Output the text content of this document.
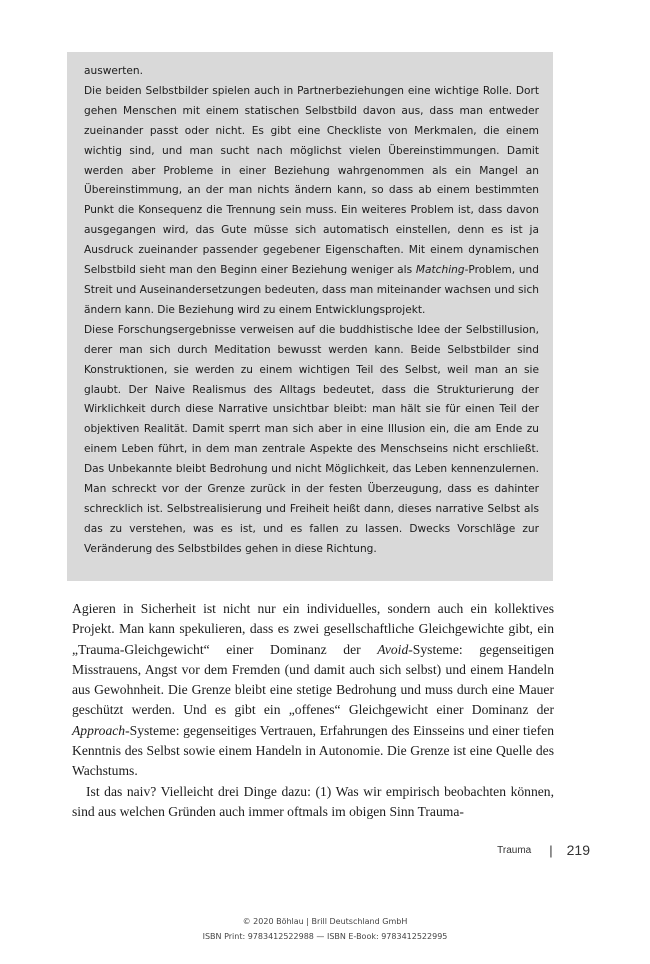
auswerten.

Die beiden Selbstbilder spielen auch in Partnerbeziehungen eine wichtige Rolle. Dort gehen Menschen mit einem statischen Selbstbild davon aus, dass man entweder zueinander passt oder nicht. Es gibt eine Checkliste von Merkmalen, die einem wichtig sind, und man sucht nach möglichst vielen Übereinstimmungen. Damit werden aber Probleme in einer Beziehung wahrgenommen als ein Mangel an Übereinstimmung, an der man nichts ändern kann, so dass ab einem bestimmten Punkt die Konsequenz die Trennung sein muss. Ein weiteres Problem ist, dass davon ausgegangen wird, das Gute müsse sich automatisch einstellen, denn es ist ja Ausdruck zueinander passender gegebener Eigenschaften. Mit einem dynamischen Selbstbild sieht man den Beginn einer Beziehung weniger als Matching-Problem, und Streit und Auseinandersetzungen bedeuten, dass man miteinander wachsen und sich ändern kann. Die Beziehung wird zu einem Entwicklungsprojekt.

Diese Forschungsergebnisse verweisen auf die buddhistische Idee der Selbstillusion, derer man sich durch Meditation bewusst werden kann. Beide Selbstbilder sind Konstruktionen, sie werden zu einem wichtigen Teil des Selbst, weil man an sie glaubt. Der Naive Realismus des Alltags bedeutet, dass die Strukturierung der Wirklichkeit durch diese Narrative unsichtbar bleibt: man hält sie für einen Teil der objektiven Realität. Damit sperrt man sich aber in eine Illusion ein, die am Ende zu einem Leben führt, in dem man zentrale Aspekte des Menschseins nicht erschließt. Das Unbekannte bleibt Bedrohung und nicht Möglichkeit, das Leben kennenzulernen. Man schreckt vor der Grenze zurück in der festen Überzeugung, dass es dahinter schrecklich ist. Selbstrealisierung und Freiheit heißt dann, dieses narrative Selbst als das zu verstehen, was es ist, und es fallen zu lassen. Dwecks Vorschläge zur Veränderung des Selbstbildes gehen in diese Richtung.

Agieren in Sicherheit ist nicht nur ein individuelles, sondern auch ein kollektives Projekt. Man kann spekulieren, dass es zwei gesellschaftliche Gleichgewichte gibt, ein „Trauma-Gleichgewicht“ einer Dominanz der Avoid-Systeme: gegenseitigen Misstrauens, Angst vor dem Fremden (und damit auch sich selbst) und einem Handeln aus Gewohnheit. Die Grenze bleibt eine stetige Bedrohung und muss durch eine Mauer geschützt werden. Und es gibt ein „offenes“ Gleichgewicht einer Dominanz der Approach-Systeme: gegenseitiges Vertrauen, Erfahrungen des Einsseins und einer tiefen Kenntnis des Selbst sowie einem Handeln in Autonomie. Die Grenze ist eine Quelle des Wachstums.

Ist das naiv? Vielleicht drei Dinge dazu: (1) Was wir empirisch beobachten können, sind aus welchen Gründen auch immer oftmals im obigen Sinn Trauma-

Trauma | 219
© 2020 Böhlau | Brill Deutschland GmbH
ISBN Print: 9783412522988 — ISBN E-Book: 9783412522995
